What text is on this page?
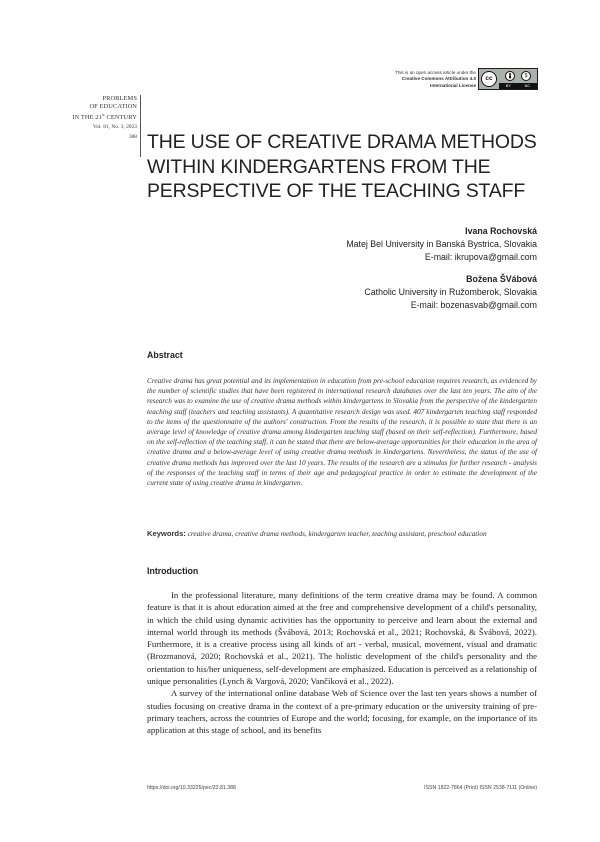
This is an open access article under the
Creative Commons Attribution 4.0
International License
cc	$
BY	NC
PROBLEMS
OF EDUCATION
IN THE 21st CENTURY
Vol. 81, No. 3, 2023
388 THE USE OF CREATIVE DRAMA METHODS
WITHIN KINDERGARTENS FROM THE
PERSPECTIVE OF THE TEACHING STAFF
Ivana Rochovská
Matej Bel University in Banská Bystrica, Slovakia
E-mail: ikrupova@gmail.com
Božena ŠVábová
Catholic University in Ružomberok, Slovakia
E-mail: bozenasvab@gmail.com
Abstract

Creative drama has great potential and its implementation in education from pre-school education requires research, as evidenced by the number of scientific studies that have been registered in international research databases over the last ten years. The aim of the research was to examine the use of creative drama methods within kindergartens in Slovakia from the perspective of the kindergarten teaching staff (teachers and teaching assistants). A quantitative research design was used. 407 kindergarten teaching staff responded to the items of the questionnaire of the authors' construction. From the results of the research, it is possible to state that there is an average level of knowledge of creative drama among kindergarten teaching staff (based on their self-reflection). Furthermore, based on the self-reflection of the teaching staff, it can be stated that there are below-average opportunities for their education in the area of creative drama and a below-average level of using creative drama methods in kindergartens. Nevertheless, the status of the use of creative drama methods has improved over the last 10 years. The results of the research are a stimulus for further research - analysis of the responses of the teaching staff in terms of their age and pedagogical practice in order to estimate the development of the current state of using creative drama in kindergarten.

Keywords: creative drama, creative drama methods, kindergarten teacher, teaching assistant, preschool education

Introduction

In the professional literature, many definitions of the term creative drama may be found. A common feature is that it is about education aimed at the free and comprehensive development of a child's personality, in which the child using dynamic activities has the opportunity to perceive and learn about the external and internal world through its methods (Švábová, 2013; Rochovská et al., 2021; Rochovská, & Švábová, 2022). Furthermore, it is a creative process using all kinds of art - verbal, musical, movement, visual and dramatic (Brozmanová, 2020; Rochovská et al., 2021). The holistic development of the child's personality and the orientation to his/her uniqueness, self-development are emphasized. Education is perceived as a relationship of unique personalities (Lynch & Vargová, 2020; Vančíková et al., 2022).

A survey of the international online database Web of Science over the last ten years shows a number of studies focusing on creative drama in the context of a pre-primary education or the university training of pre-primary teachers, across the countries of Europe and the world; focusing, for example, on the importance of its application at this stage of school, and its benefits

https://doi.org/10.33225/pec/23.81.388	ISSN 1822-7864 (Print) ISSN 2538-7111 (Online)
